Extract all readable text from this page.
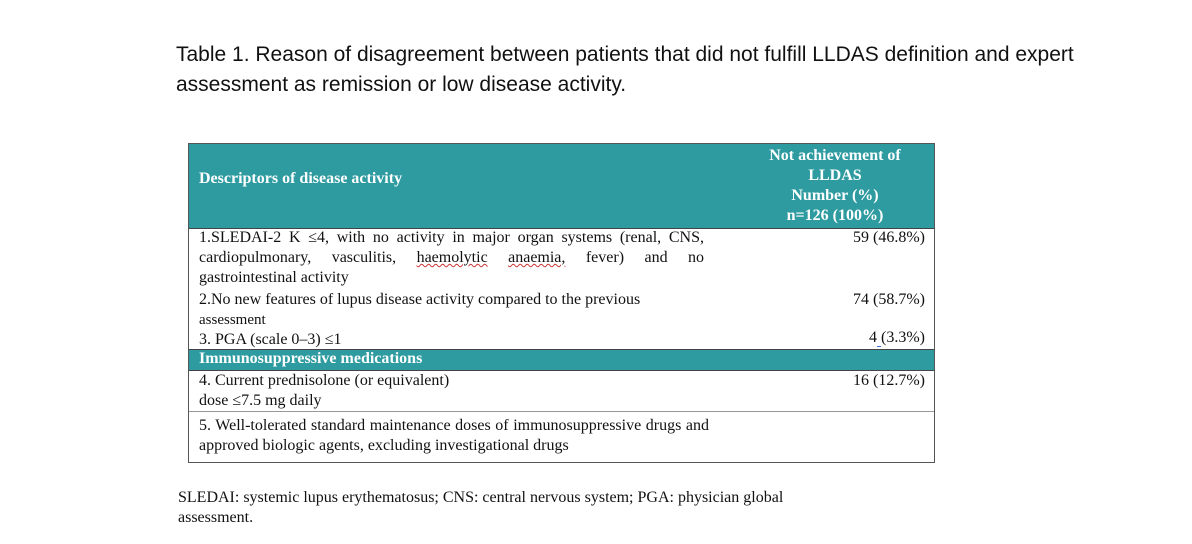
Table 1. Reason of disagreement between patients that did not fulfill LLDAS definition and expert assessment as remission or low disease activity.
Descriptors of disease activity
Not achievement of
LLDAS
Number (%)
n=126 (100%)
1.SLEDAI-2 K ≤4, with no activity in major organ systems (renal, CNS, cardiopulmonary, vasculitis, haemolytic anaemia, fever) and no gastrointestinal activity
59 (46.8%)
2.No new features of lupus disease activity compared to the previous
assessment
74 (58.7%)
3. PGA (scale 0–3) ≤1	4 (3.3%)
Immunosuppressive medications
4. Current prednisolone (or equivalent)
dose ≤7.5 mg daily
16 (12.7%)
5. Well-tolerated standard maintenance doses of immunosuppressive drugs and approved biologic agents, excluding investigational drugs
SLEDAI: systemic lupus erythematosus; CNS: central nervous system; PGA: physician global assessment.
